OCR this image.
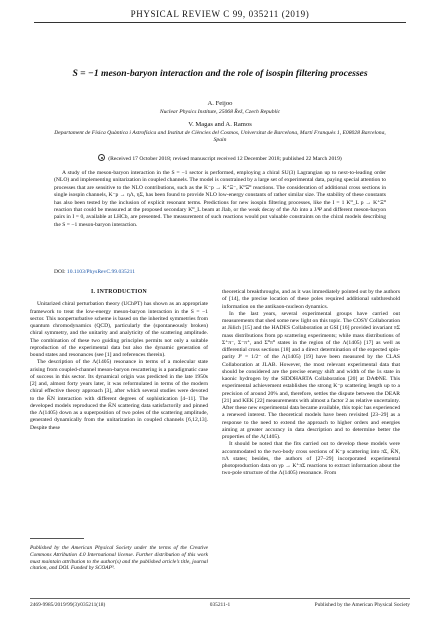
PHYSICAL REVIEW C 99, 035211 (2019)
S = −1 meson-baryon interaction and the role of isospin filtering processes
A. Feijoo
Nuclear Physics Institute, 25068 Řež, Czech Republic
V. Magas and A. Ramos
Departament de Física Quàntica i Astrofísica and Institut de Ciències del Cosmos, Universitat de Barcelona, Martí Franquès 1, E08028 Barcelona, Spain
(Received 17 October 2018; revised manuscript received 12 December 2018; published 22 March 2019)
A study of the meson-baryon interaction in the S = −1 sector is performed, employing a chiral SU(3) Lagrangian up to next-to-leading order (NLO) and implementing unitarization in coupled channels. The model is constrained by a large set of experimental data, paying special attention to processes that are sensitive to the NLO contributions, such as the K⁻p → K⁺Ξ⁻, K⁰Ξ⁰ reactions. The consideration of additional cross sections in single isospin channels, K⁻p → ηΛ, ηΣ, has been found to provide NLO low-energy constants of rather similar size. The stability of these constants has also been tested by the inclusion of explicit resonant terms. Predictions for new isospin filtering processes, like the I = 1 K⁰_L p → K⁺Ξ⁰ reaction that could be measured at the proposed secondary K⁰_L beam at Jlab, or the weak decay of the Λb into a J/Ψ and different meson-baryon pairs in I = 0, available at LHCb, are presented. The measurement of such reactions would put valuable constraints on the chiral models describing the S = −1 meson-baryon interaction.
DOI: 10.1103/PhysRevC.99.035211
I. INTRODUCTION

Unitarized chiral perturbation theory (UChPT) has shown as an appropriate framework to treat the low-energy meson-baryon interaction in the S = −1 sector. This nonperturbative scheme is based on the inherited symmetries from quantum chromodynamics (QCD), particularly the (spontaneously broken) chiral symmetry, and the unitarity and analyticity of the scattering amplitude. The combination of these two guiding principles permits not only a suitable reproduction of the experimental data but also the dynamic generation of bound states and resonances (see [1] and references therein).

The description of the Λ(1405) resonance in terms of a molecular state arising from coupled-channel meson-baryon rescattering is a paradigmatic case of success in this sector. Its dynamical origin was predicted in the late 1950s [2] and, almost forty years later, it was reformulated in terms of the modern chiral effective theory approach [3], after which several studies were devoted to the K̄N interaction with different degrees of sophistication [4–11]. The developed models reproduced the K̄N scattering data satisfactorily and pinned the Λ(1405) down as a superposition of two poles of the scattering amplitude, generated dynamically from the unitarization in coupled channels [6,12,13]. Despite these

theoretical breakthroughs, and as it was immediately pointed out by the authors of [14], the precise location of these poles required additional subthreshold information on the antikaon-nucleon dynamics.

In the last years, several experimental groups have carried out measurements that shed some new light on this topic. The COSY Collaboration at Jülich [15] and the HADES Collaboration at GSI [16] provided invariant πΣ mass distributions from pp scattering experiments; while mass distributions of Σ⁺π⁻, Σ⁻π⁺, and Σ⁰π⁰ states in the region of the Λ(1405) [17] as well as differential cross sections [18] and a direct determination of the expected spin-parity Jᴾ = 1/2⁻ of the Λ(1405) [19] have been measured by the CLAS Collaboration at JLAB. However, the most relevant experimental data that should be considered are the precise energy shift and width of the 1s state in kaonic hydrogen by the SIDDHARTA Collaboration [20] at DAΦNE. This experimental achievement establishes the strong K⁻p scattering length up to a precision of around 20% and, therefore, settles the dispute between the DEAR [21] and KEK [22] measurements with almost a factor 2 as relative uncertainty. After these new experimental data became available, this topic has experienced a renewed interest. The theoretical models have been revisited [23–29] as a response to the need to extend the approach to higher orders and energies aiming at greater accuracy in data description and to determine better the properties of the Λ(1405).

It should be noted that the fits carried out to develop these models were accommodated to the two-body cross sections of K⁻p scattering into πΣ, K̄N, πΛ states; besides, the authors of [27–29] incorporated experimental photoproduction data on γp → K⁺πΣ reactions to extract information about the two-pole structure of the Λ(1405) resonance. From

Published by the American Physical Society under the terms of the Creative Commons Attribution 4.0 International license. Further distribution of this work must maintain attribution to the author(s) and the published article’s title, journal citation, and DOI. Funded by SCOAP³.
2469-9985/2019/99(3)/035211(18)	035211-1	Published by the American Physical Society
